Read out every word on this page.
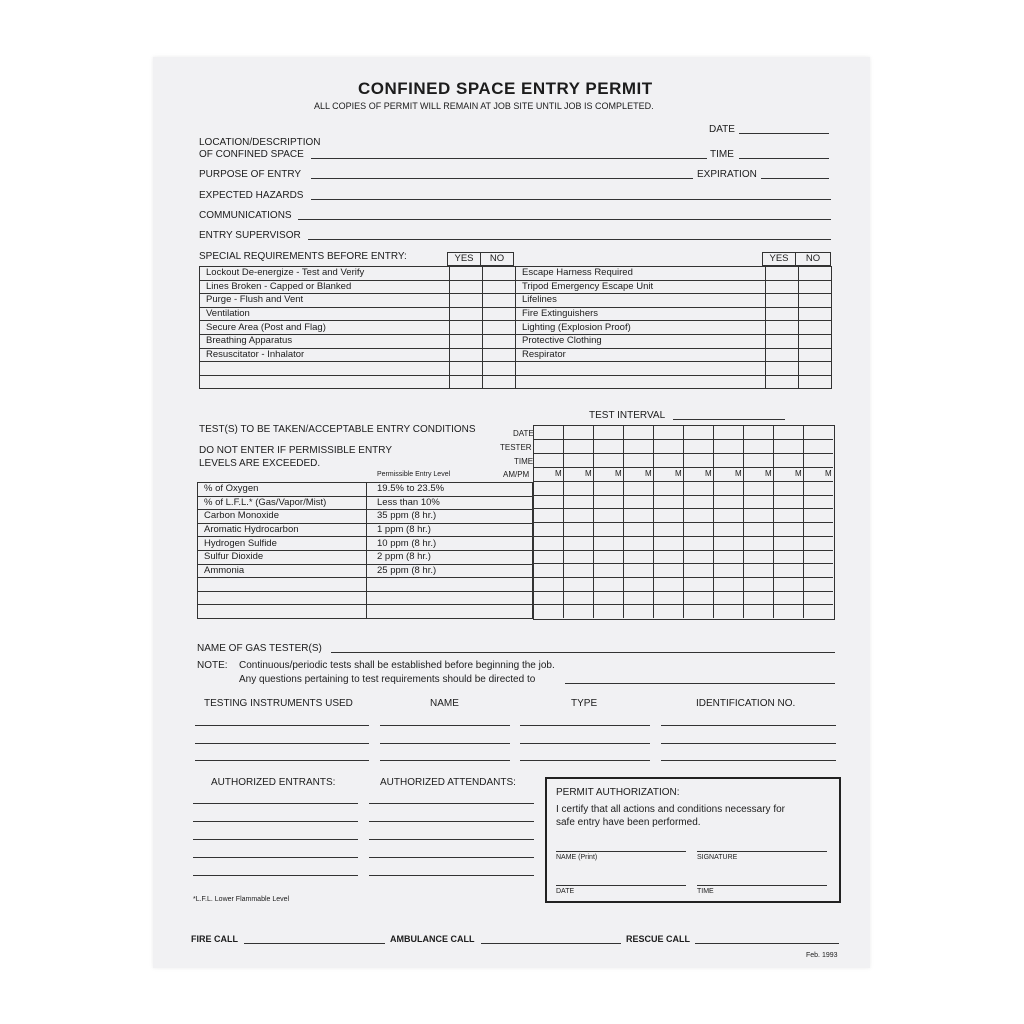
CONFINED SPACE ENTRY PERMIT
ALL COPIES OF PERMIT WILL REMAIN AT JOB SITE UNTIL JOB IS COMPLETED.
DATE
LOCATION/DESCRIPTION
OF CONFINED SPACE	TIME
PURPOSE OF ENTRY	EXPIRATION
EXPECTED HAZARDS
COMMUNICATIONS
ENTRY SUPERVISOR
SPECIAL REQUIREMENTS BEFORE ENTRY:	YES	NO	YES	NO
Lockout De-energize - Test and Verify			Escape Harness Required		
Lines Broken - Capped or Blanked			Tripod Emergency Escape Unit		
Purge - Flush and Vent			Lifelines		
Ventilation			Fire Extinguishers		
Secure Area (Post and Flag)			Lighting (Explosion Proof)		
Breathing Apparatus			Protective Clothing		
Resuscitator - Inhalator			Respirator		

TEST INTERVAL
TEST(S) TO BE TAKEN/ACCEPTABLE ENTRY CONDITIONS
DO NOT ENTER IF PERMISSIBLE ENTRY
LEVELS ARE EXCEEDED.
Permissible Entry Level
DATE
TESTER
TIME
AM/PM	M	M	M	M	M	M	M	M	M	M
% of Oxygen	19.5% to 23.5%
% of L.F.L.* (Gas/Vapor/Mist)	Less than 10%
Carbon Monoxide	35 ppm (8 hr.)
Aromatic Hydrocarbon	1 ppm (8 hr.)
Hydrogen Sulfide	10 ppm (8 hr.)
Sulfur Dioxide	2 ppm (8 hr.)
Ammonia	25 ppm (8 hr.)

NAME OF GAS TESTER(S)
NOTE: Continuous/periodic tests shall be established before beginning the job.
Any questions pertaining to test requirements should be directed to
TESTING INSTRUMENTS USED	NAME	TYPE	IDENTIFICATION NO.
AUTHORIZED ENTRANTS:	AUTHORIZED ATTENDANTS:
PERMIT AUTHORIZATION:
I certify that all actions and conditions necessary for
safe entry have been performed.
NAME (Print)	SIGNATURE
DATE	TIME
*L.F.L. Lower Flammable Level
FIRE CALL	AMBULANCE CALL	RESCUE CALL
Feb. 1993
